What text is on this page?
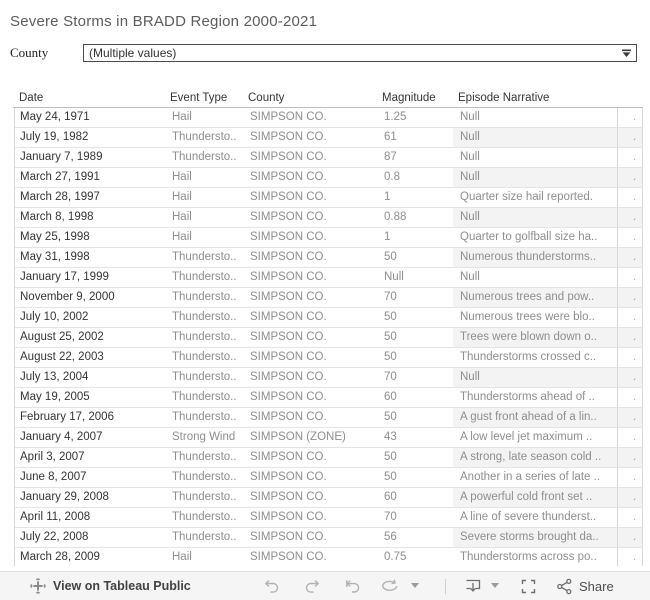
Severe Storms in BRADD Region 2000-2021
County	(Multiple values)
Date	Event Type	County	Magnitude	Episode Narrative
May 24, 1971	Hail	SIMPSON CO.	1.25	Null	.
July 19, 1982	Thundersto..	SIMPSON CO.	61	Null	.
January 7, 1989	Thundersto..	SIMPSON CO.	87	Null	.
March 27, 1991	Hail	SIMPSON CO.	0.8	Null	.
March 28, 1997	Hail	SIMPSON CO.	1	Quarter size hail reported.	.
March 8, 1998	Hail	SIMPSON CO.	0.88	Null	.
May 25, 1998	Hail	SIMPSON CO.	1	Quarter to golfball size ha..	.
May 31, 1998	Thundersto..	SIMPSON CO.	50	Numerous thunderstorms..	.
January 17, 1999	Thundersto..	SIMPSON CO.	Null	Null	.
November 9, 2000	Thundersto..	SIMPSON CO.	70	Numerous trees and pow..	.
July 10, 2002	Thundersto..	SIMPSON CO.	50	Numerous trees were blo..	.
August 25, 2002	Thundersto..	SIMPSON CO.	50	Trees were blown down o..	.
August 22, 2003	Thundersto..	SIMPSON CO.	50	Thunderstorms crossed c..	.
July 13, 2004	Thundersto..	SIMPSON CO.	70	Null	.
May 19, 2005	Thundersto..	SIMPSON CO.	60	Thunderstorms ahead of ..	.
February 17, 2006	Thundersto..	SIMPSON CO.	50	A gust front ahead of a lin..	.
January 4, 2007	Strong Wind	SIMPSON (ZONE)	43	A low level jet maximum ..	.
April 3, 2007	Thundersto..	SIMPSON CO.	50	A strong, late season cold ..	.
June 8, 2007	Thundersto..	SIMPSON CO.	50	Another in a series of late ..	.
January 29, 2008	Thundersto..	SIMPSON CO.	60	A powerful cold front set ..	.
April 11, 2008	Thundersto..	SIMPSON CO.	70	A line of severe thunderst..	.
July 22, 2008	Thundersto..	SIMPSON CO.	56	Severe storms brought da..	.
March 28, 2009	Hail	SIMPSON CO.	0.75	Thunderstorms across po..	.
View on Tableau Public	Share
